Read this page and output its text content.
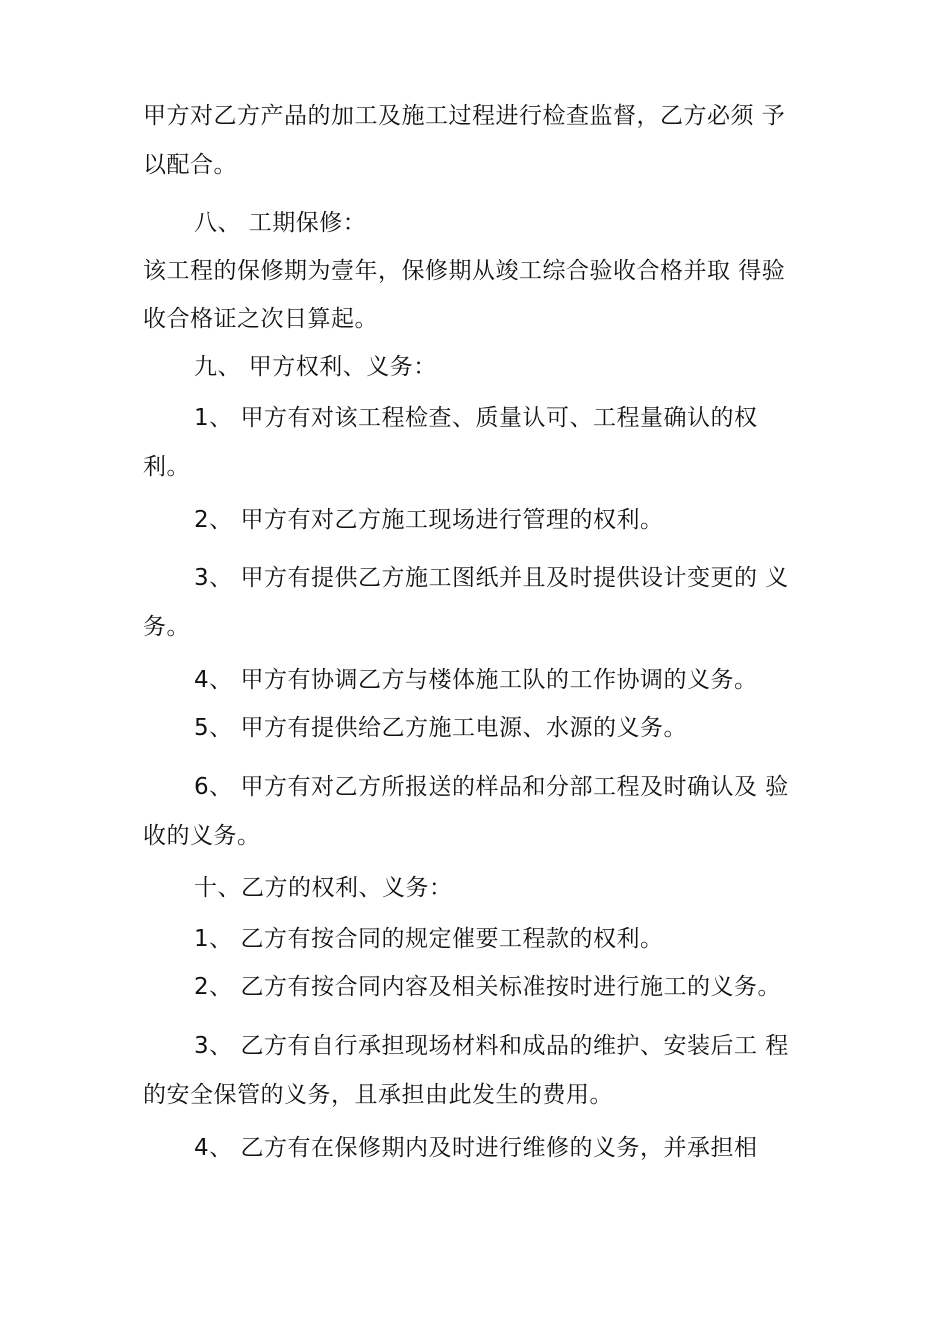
甲方对乙方产品的加工及施工过程进行检查监督，乙方必须 予
以配合。
八、 工期保修：
该工程的保修期为壹年，保修期从竣工综合验收合格并取 得验
收合格证之次日算起。
九、 甲方权利、义务：
1、 甲方有对该工程检查、质量认可、工程量确认的权
利。
2、 甲方有对乙方施工现场进行管理的权利。
3、 甲方有提供乙方施工图纸并且及时提供设计变更的 义
务。
4、 甲方有协调乙方与楼体施工队的工作协调的义务。
5、 甲方有提供给乙方施工电源、水源的义务。
6、 甲方有对乙方所报送的样品和分部工程及时确认及 验
收的义务。
十、乙方的权利、义务：
1、 乙方有按合同的规定催要工程款的权利。
2、 乙方有按合同内容及相关标准按时进行施工的义务。
3、 乙方有自行承担现场材料和成品的维护、安装后工 程
的安全保管的义务，且承担由此发生的费用。
4、 乙方有在保修期内及时进行维修的义务，并承担相
